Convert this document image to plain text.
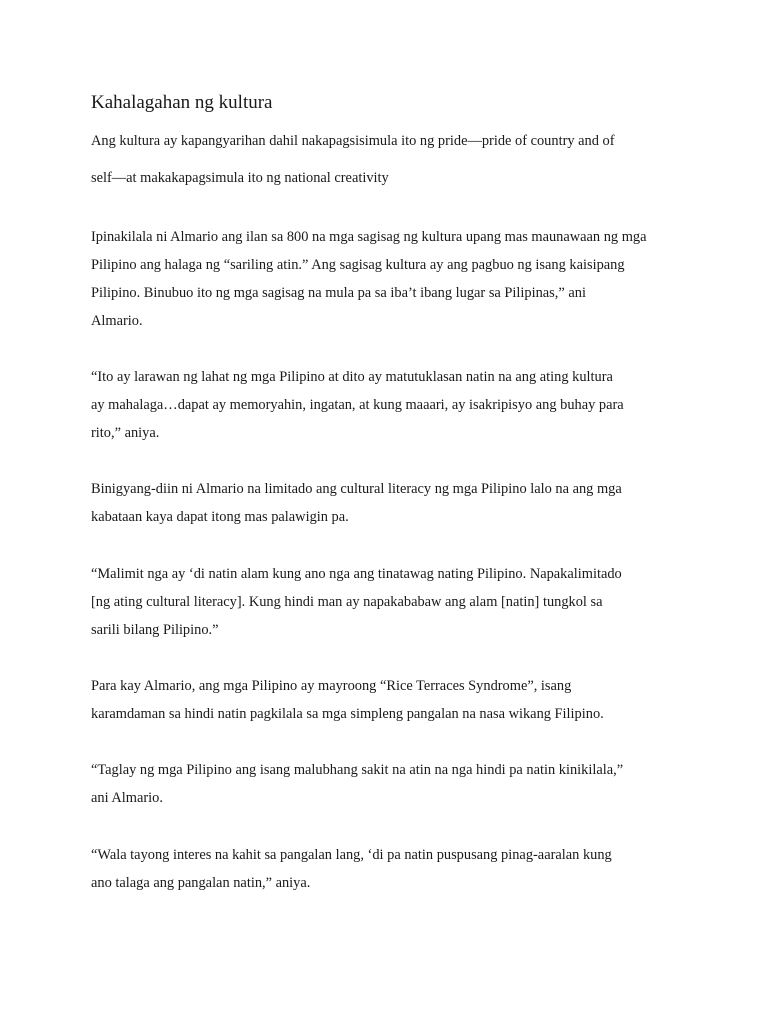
Kahalagahan ng kultura
Ang kultura ay kapangyarihan dahil nakapagsisimula ito ng pride—pride of country and of
self—at makakapagsimula ito ng national creativity
Ipinakilala ni Almario ang ilan sa 800 na mga sagisag ng kultura upang mas maunawaan ng mga
Pilipino ang halaga ng “sariling atin.” Ang sagisag kultura ay ang pagbuo ng isang kaisipang
Pilipino. Binubuo ito ng mga sagisag na mula pa sa iba’t ibang lugar sa Pilipinas,” ani
Almario.
“Ito ay larawan ng lahat ng mga Pilipino at dito ay matutuklasan natin na ang ating kultura
ay mahalaga…dapat ay memoryahin, ingatan, at kung maaari, ay isakripisyo ang buhay para
rito,” aniya.
Binigyang-diin ni Almario na limitado ang cultural literacy ng mga Pilipino lalo na ang mga
kabataan kaya dapat itong mas palawigin pa.
“Malimit nga ay ‘di natin alam kung ano nga ang tinatawag nating Pilipino. Napakalimitado
[ng ating cultural literacy]. Kung hindi man ay napakababaw ang alam [natin] tungkol sa
sarili bilang Pilipino.”
Para kay Almario, ang mga Pilipino ay mayroong “Rice Terraces Syndrome”, isang
karamdaman sa hindi natin pagkilala sa mga simpleng pangalan na nasa wikang Filipino.
“Taglay ng mga Pilipino ang isang malubhang sakit na atin na nga hindi pa natin kinikilala,”
ani Almario.
“Wala tayong interes na kahit sa pangalan lang, ‘di pa natin puspusang pinag-aaralan kung
ano talaga ang pangalan natin,” aniya.
